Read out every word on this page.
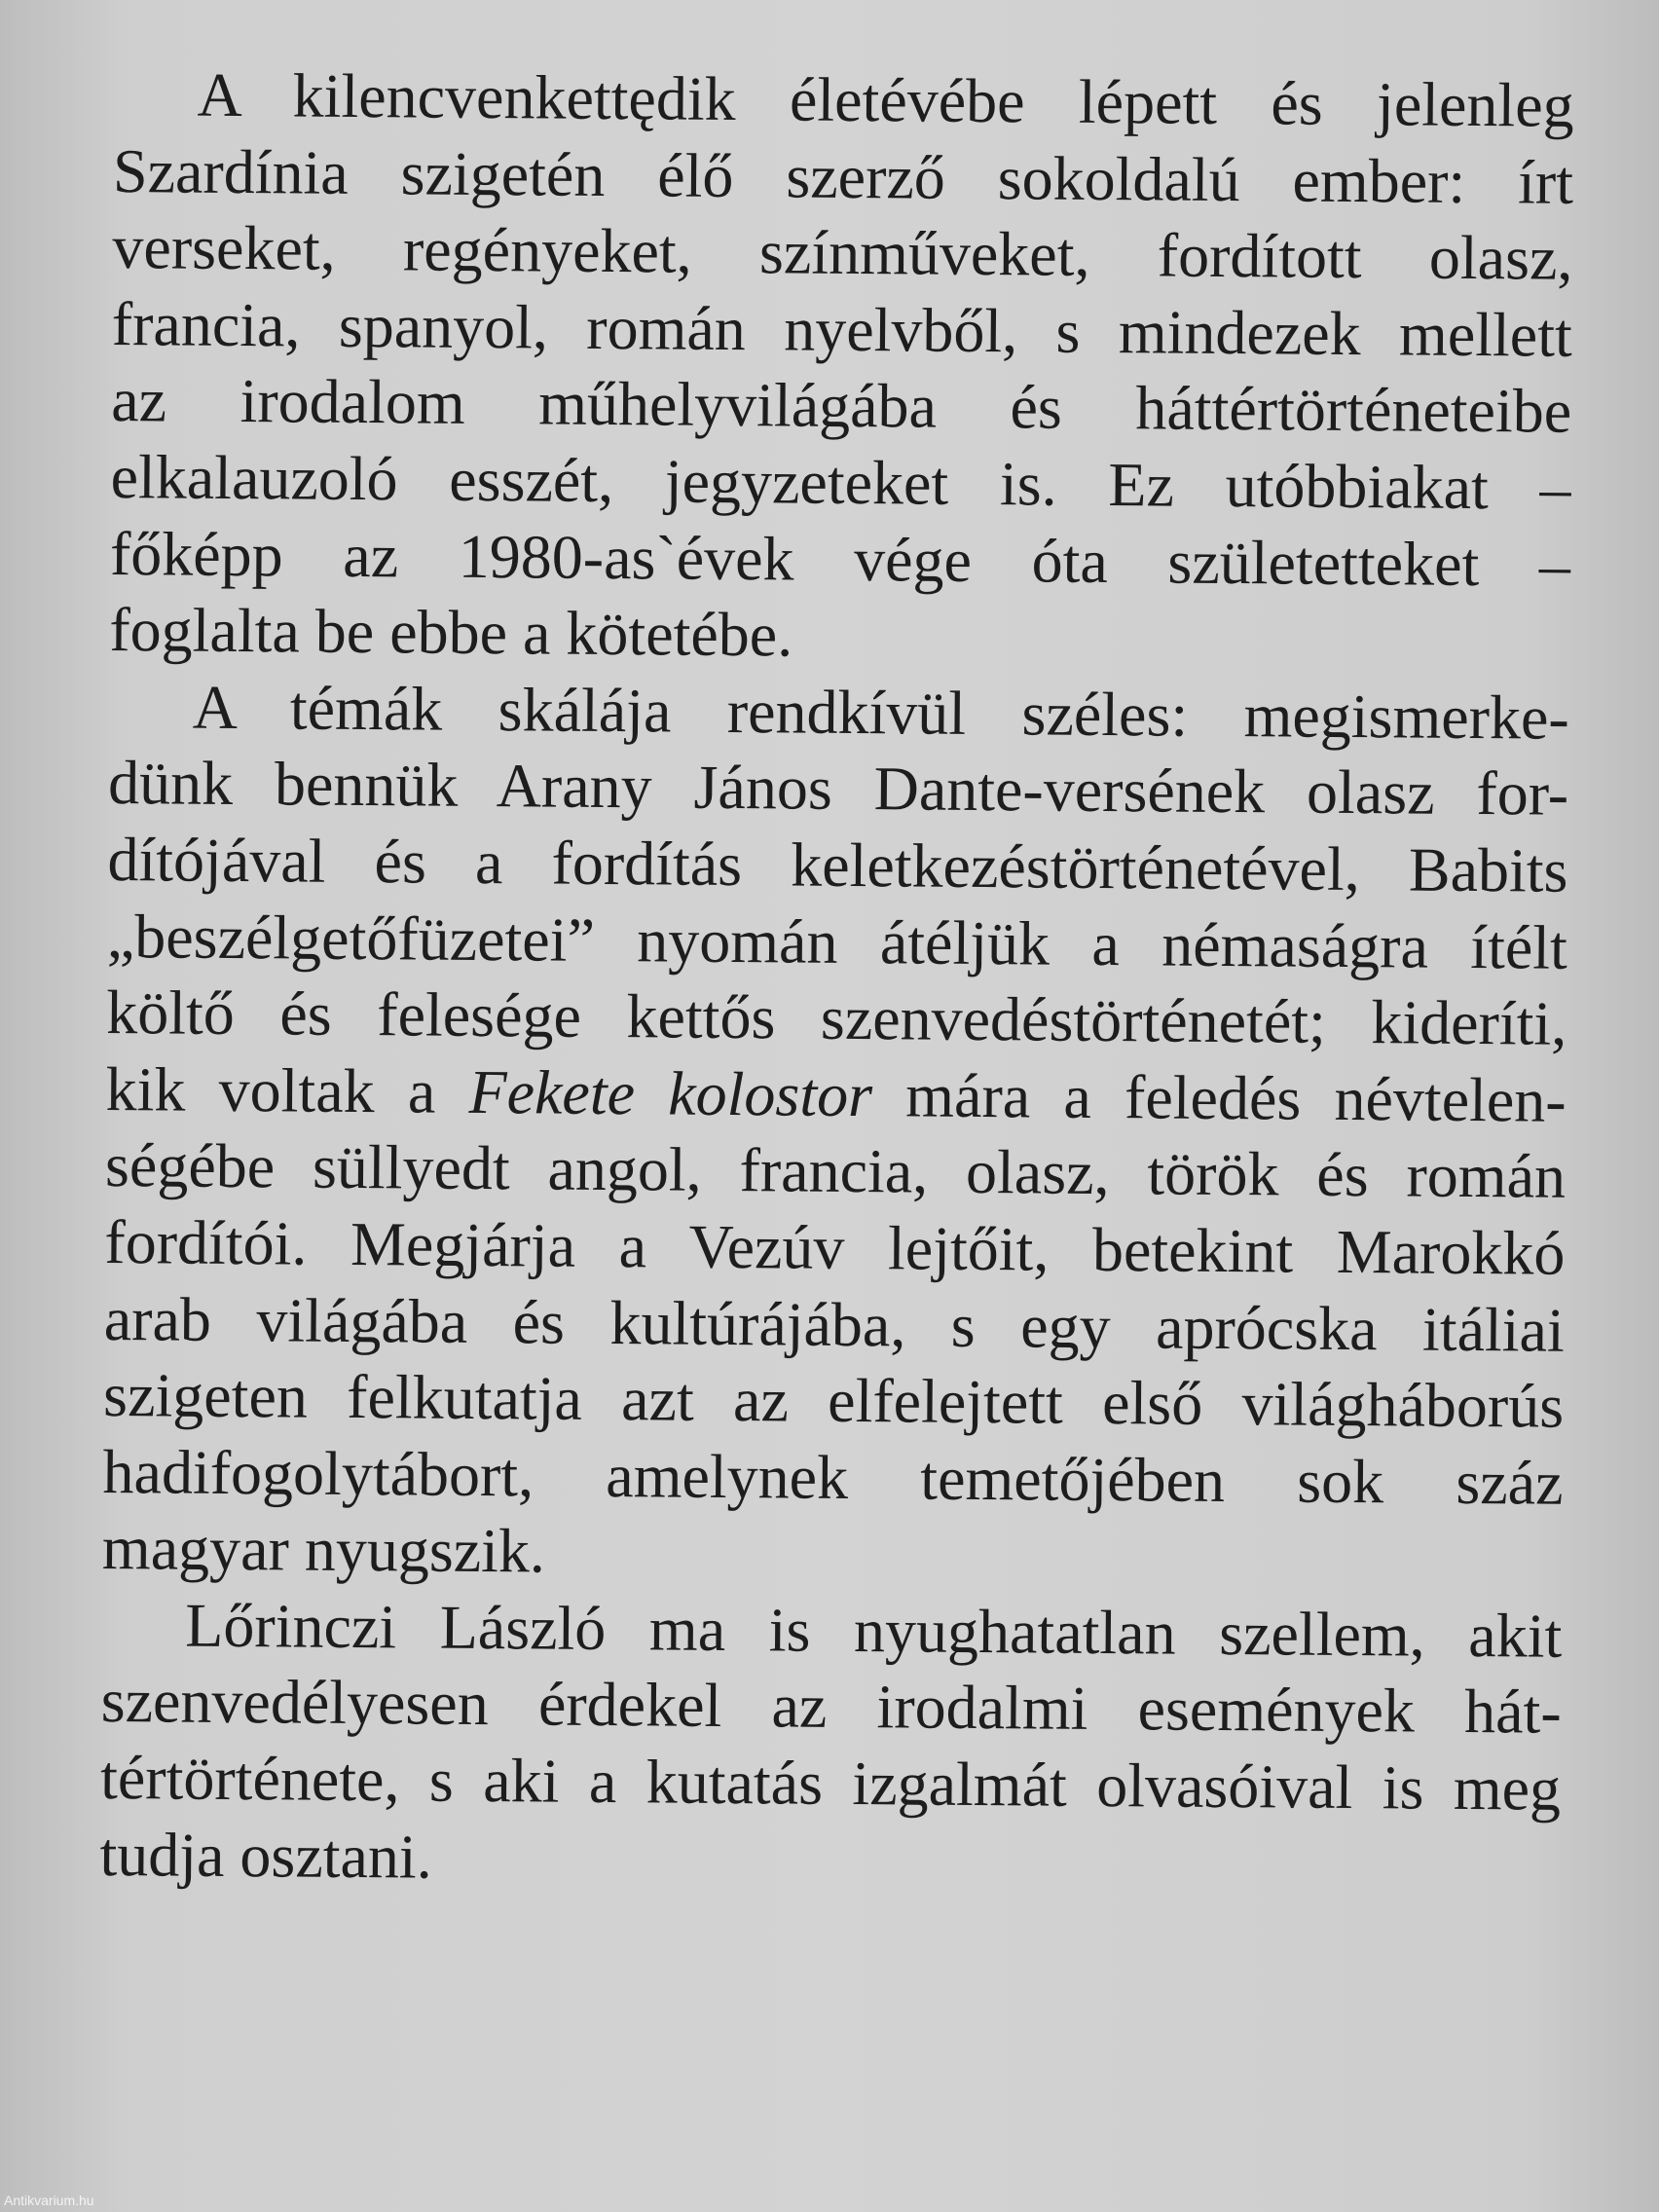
A kilencvenkettędik életévébe lépett és jelenleg
Szardínia szigetén élő szerző sokoldalú ember: írt
verseket, regényeket, színműveket, fordított olasz,
francia, spanyol, román nyelvből, s mindezek mellett
az irodalom műhelyvilágába és háttértörténeteibe
elkalauzoló esszét, jegyzeteket is. Ez utóbbiakat –
főképp az 1980-as`évek vége óta születetteket –
foglalta be ebbe a kötetébe.
A témák skálája rendkívül széles: megismerke-
dünk bennük Arany János Dante-versének olasz for-
dítójával és a fordítás keletkezéstörténetével, Babits
„beszélgetőfüzetei” nyomán átéljük a némaságra ítélt
költő és felesége kettős szenvedéstörténetét; kideríti,
kik voltak a Fekete kolostor mára a feledés névtelen-
ségébe süllyedt angol, francia, olasz, török és román
fordítói. Megjárja a Vezúv lejtőit, betekint Marokkó
arab világába és kultúrájába, s egy aprócska itáliai
szigeten felkutatja azt az elfelejtett első világháborús
hadifogolytábort, amelynek temetőjében sok száz
magyar nyugszik.
Lőrinczi László ma is nyughatatlan szellem, akit
szenvedélyesen érdekel az irodalmi események hát-
tértörténete, s aki a kutatás izgalmát olvasóival is meg
tudja osztani.
Antikvarium.hu
